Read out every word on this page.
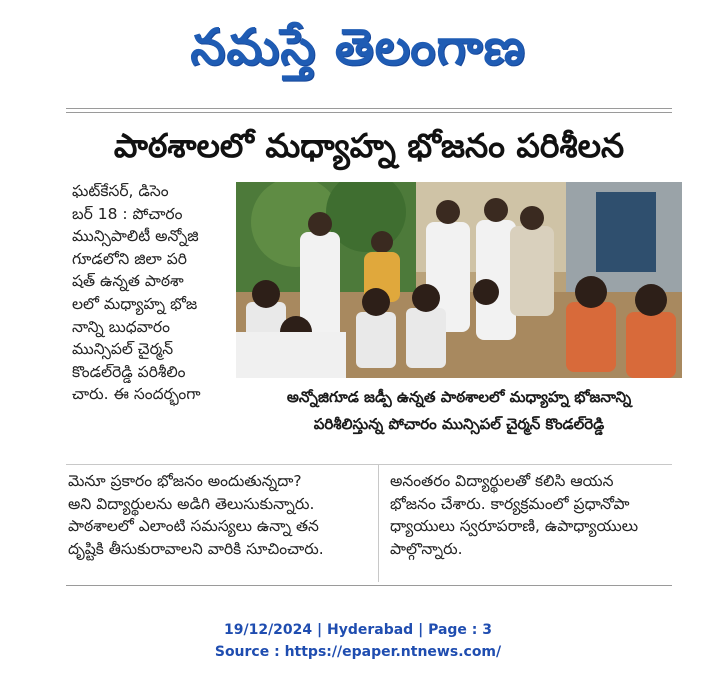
నమస్తే తెలంగాణ
పాఠశాలలో మధ్యాహ్న భోజనం పరిశీలన
ఘట్‌కేసర్, డిసెం
బర్ 18 : పోచారం
మున్సిపాలిటీ అన్నోజి
గూడలోని జిలా పరి
షత్ ఉన్నత పాఠశా
లలో మధ్యాహ్న భోజ
నాన్ని బుధవారం
మున్సిపల్ చైర్మన్
కొండల్‌రెడ్డి పరిశీలిం
చారు. ఈ సందర్భంగా	అన్నోజిగూడ జడ్పీ ఉన్నత పాఠశాలలో మధ్యాహ్న భోజనాన్ని
పరిశీలిస్తున్న పోచారం మున్సిపల్ చైర్మన్ కొండల్‌రెడ్డి
మెనూ ప్రకారం భోజనం అందుతున్నదా?
అని విద్యార్థులను అడిగి తెలుసుకున్నారు.
పాఠశాలలో ఎలాంటి సమస్యలు ఉన్నా తన
దృష్టికి తీసుకురావాలని వారికి సూచించారు.
అనంతరం విద్యార్థులతో కలిసి ఆయన
భోజనం చేశారు. కార్యక్రమంలో ప్రధానోపా
ధ్యాయులు స్వరూపరాణి, ఉపాధ్యాయులు
పాల్గొన్నారు.
19/12/2024 | Hyderabad | Page : 3
Source : https://epaper.ntnews.com/
